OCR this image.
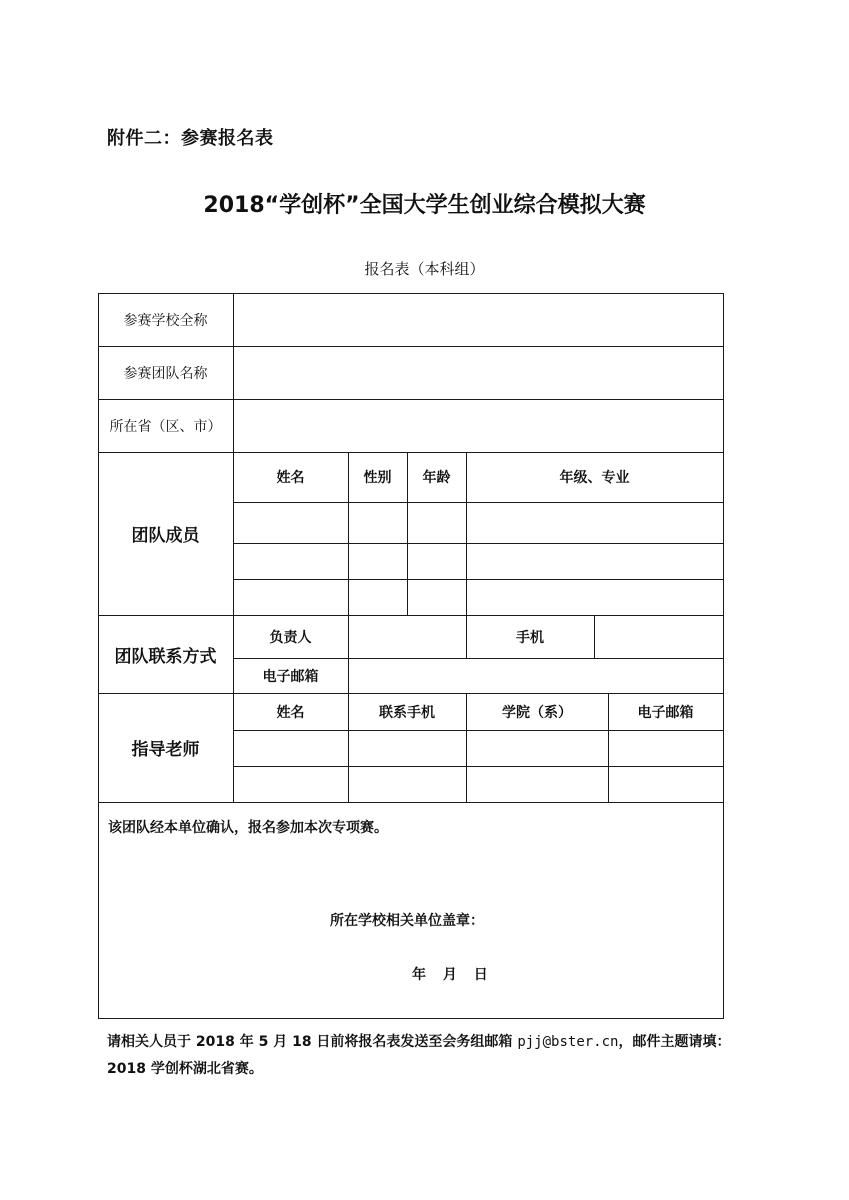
附件二：参赛报名表
2018“学创杯”全国大学生创业综合模拟大赛
报名表（本科组）
参赛学校全称
参赛团队名称
所在省（区、市）
团队成员
姓名	性别	年龄	年级、专业
团队联系方式
负责人	手机
电子邮箱
指导老师
姓名	联系手机	学院（系）	电子邮箱
该团队经本单位确认，报名参加本次专项赛。
所在学校相关单位盖章：
年 月 日
请相关人员于 2018 年 5 月 18 日前将报名表发送至会务组邮箱 pjj@bster.cn，邮件主题请填：2018 学创杯湖北省赛。
